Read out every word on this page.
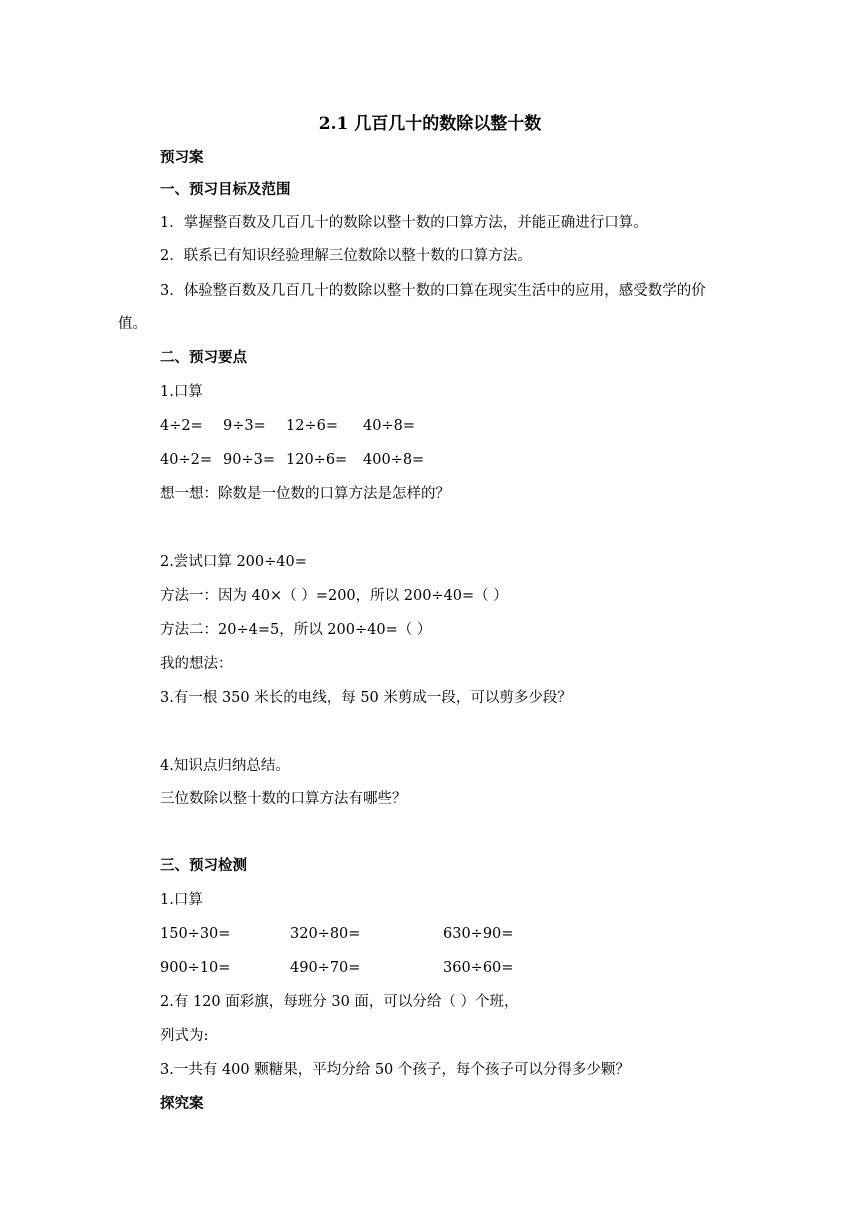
2.1 几百几十的数除以整十数
预习案
一、预习目标及范围
1．掌握整百数及几百几十的数除以整十数的口算方法，并能正确进行口算。
2．联系已有知识经验理解三位数除以整十数的口算方法。
3．体验整百数及几百几十的数除以整十数的口算在现实生活中的应用，感受数学的价
值。
二、预习要点
1.口算
4÷2= 9÷3= 12÷6= 40÷8=
40÷2= 90÷3= 120÷6= 400÷8=
想一想：除数是一位数的口算方法是怎样的？
2.尝试口算 200÷40=
方法一：因为 40×（ ）=200，所以 200÷40=（ ）
方法二：20÷4=5，所以 200÷40=（ ）
我的想法：
3.有一根 350 米长的电线，每 50 米剪成一段，可以剪多少段？
4.知识点归纳总结。
三位数除以整十数的口算方法有哪些？
三、预习检测
1.口算
150÷30=	320÷80=	630÷90=
900÷10=	490÷70=	360÷60=
2.有 120 面彩旗，每班分 30 面，可以分给（ ）个班，
列式为:
3.一共有 400 颗糖果，平均分给 50 个孩子，每个孩子可以分得多少颗？
探究案
